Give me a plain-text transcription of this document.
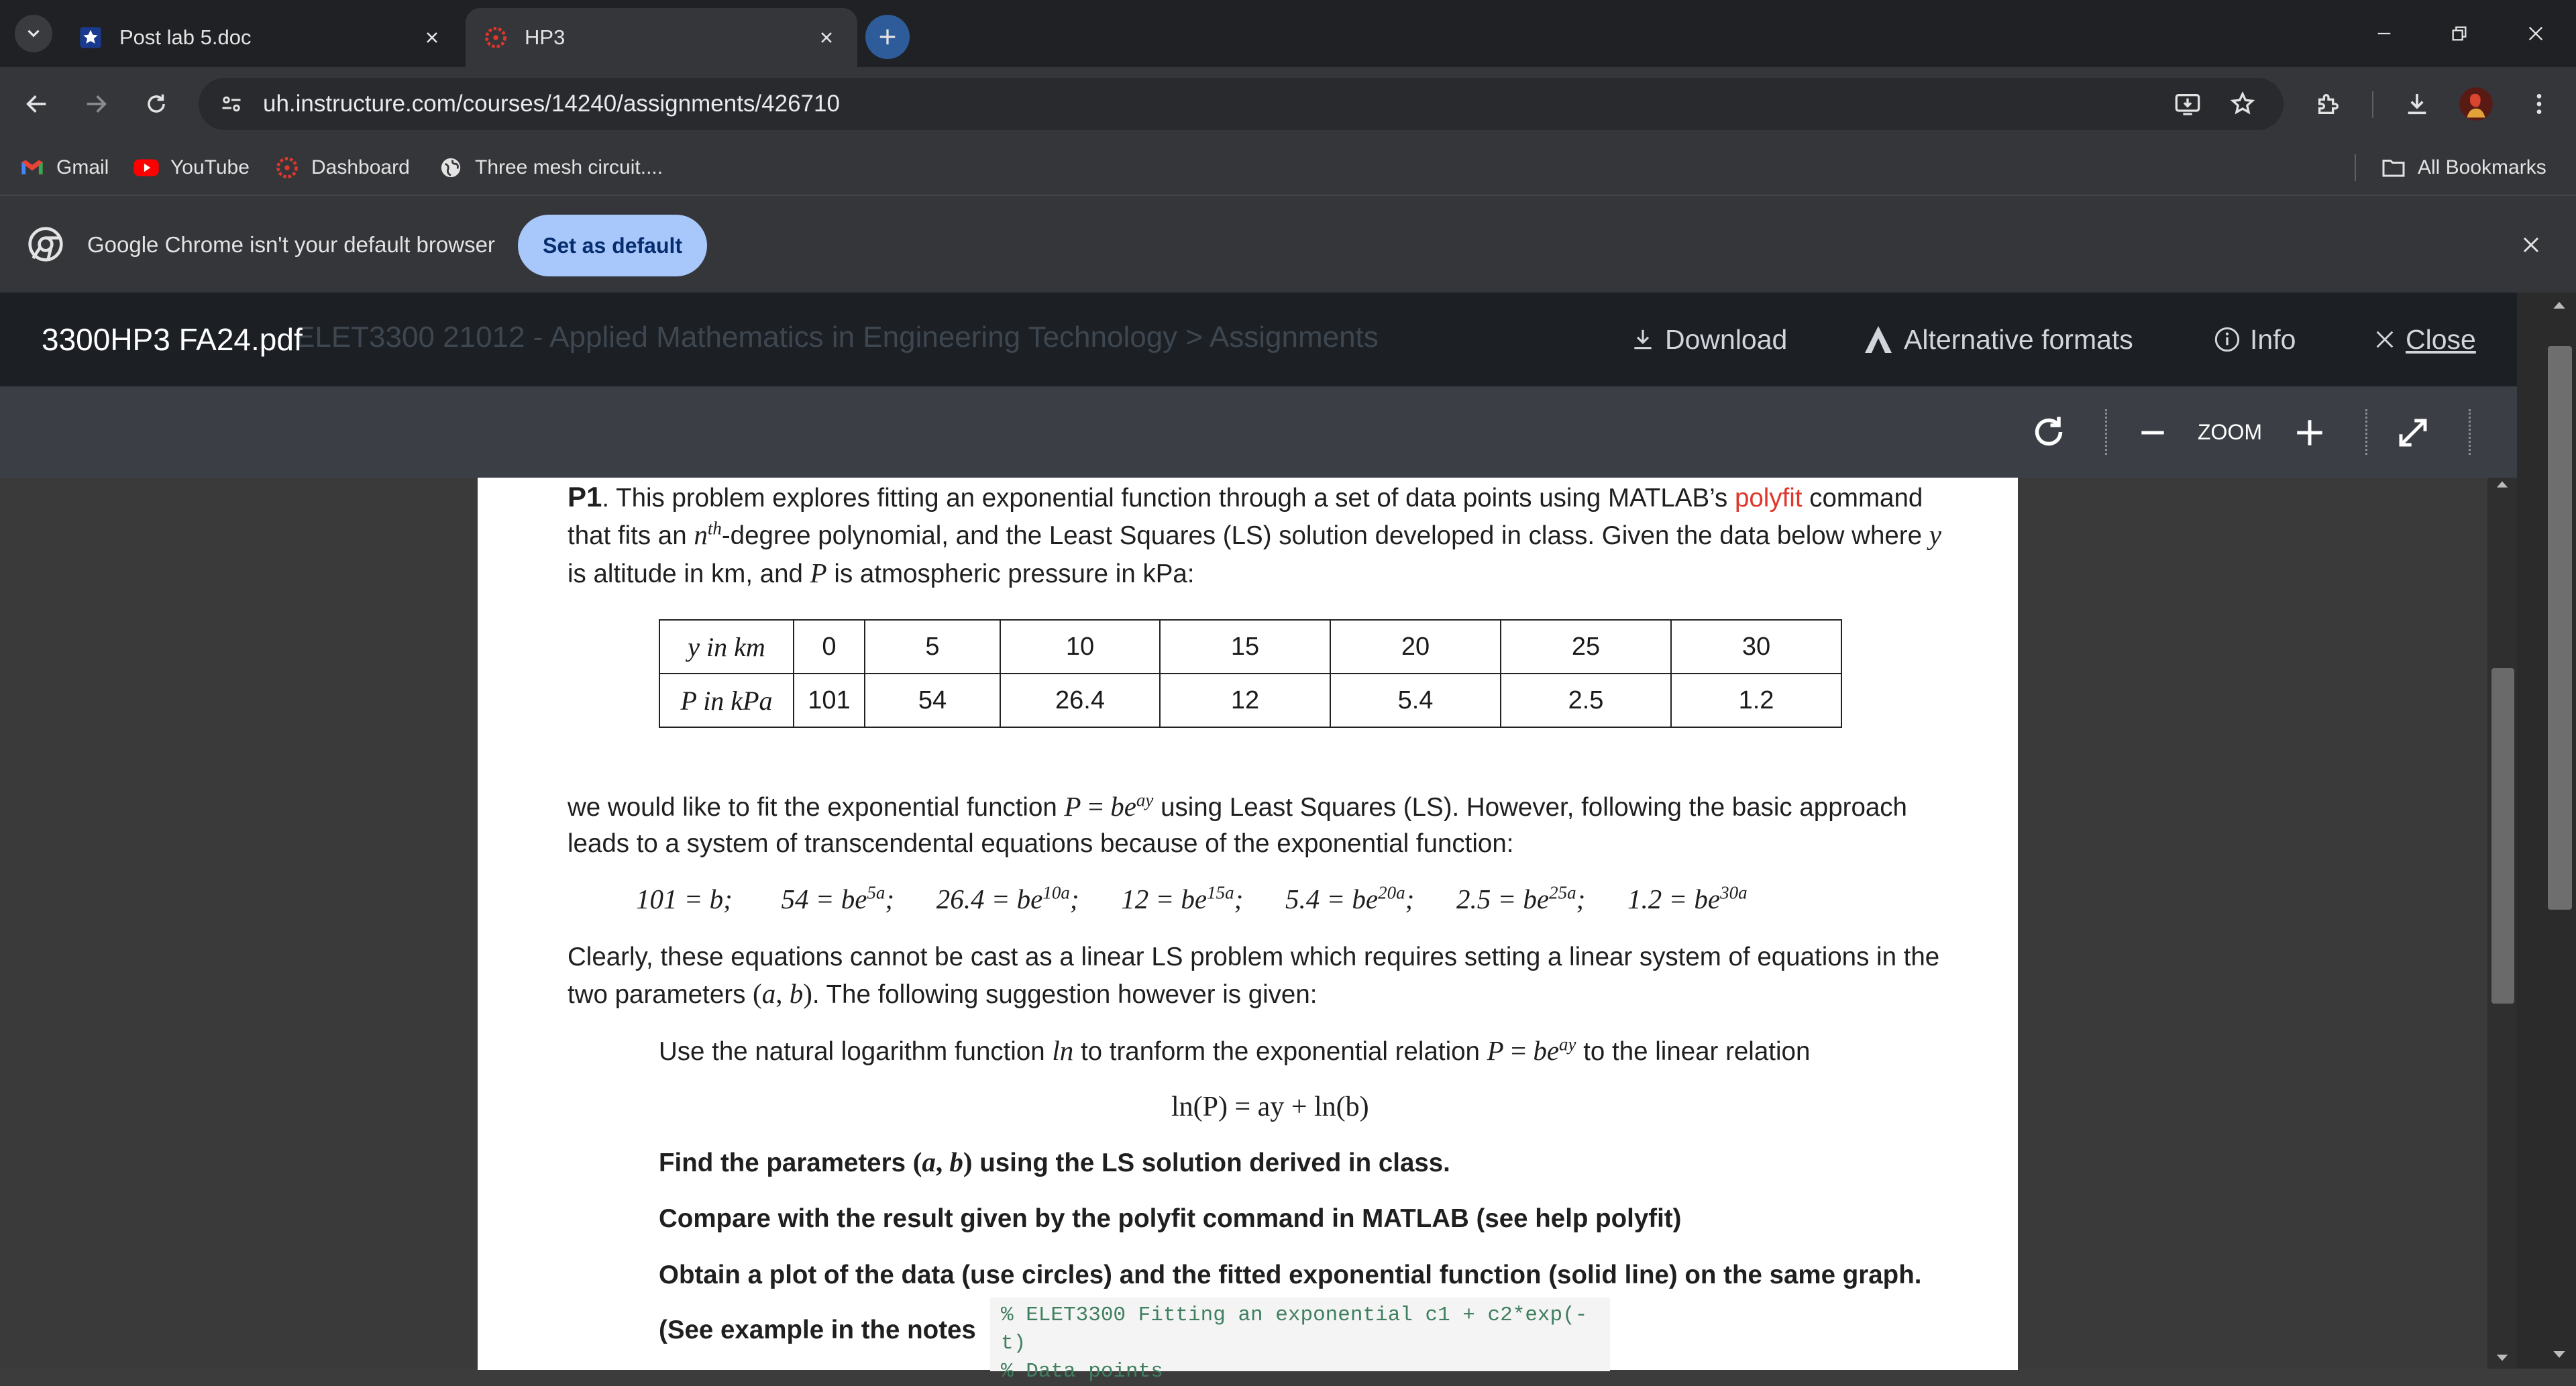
Post lab 5.doc	HP3
uh.instructure.com/courses/14240/assignments/426710
Gmail	YouTube	Dashboard	Three mesh circuit....	All Bookmarks
Google Chrome isn't your default browser	Set as default
ELET3300 21012 - Applied Mathematics in Engineering Technology > Assignments
3300HP3 FA24.pdf	Download	Alternative formats	Info	Close
ZOOM
P1. This problem explores fitting an exponential function through a set of data points using MATLAB’s polyfit command
that fits an $n^{th}$-degree polynomial, and the Least Squares (LS) solution developed in class. Given the data below where y
is altitude in km, and P is atmospheric pressure in kPa:
y in km	0	5	10	15	20	25	30
P in kPa	101	54	26.4	12	5.4	2.5	1.2
we would like to fit the exponential function $P = be^{ay}$ using Least Squares (LS). However, following the basic approach
leads to a system of transcendental equations because of the exponential function:
101 = b; $54 = be^{5a}$; $26.4 = be^{10a}$; $12 = be^{15a}$; $5.4 = be^{20a}$; $2.5 = be^{25a}$; $1.2 = be^{30a}$
Clearly, these equations cannot be cast as a linear LS problem which requires setting a linear system of equations in the
two parameters (a, b). The following suggestion however is given:
Use the natural logarithm function ln to tranform the exponential relation $P = be^{ay}$ to the linear relation
ln(P) = ay + ln(b)
Find the parameters (a, b) using the LS solution derived in class.
Compare with the result given by the polyfit command in MATLAB (see help polyfit)
Obtain a plot of the data (use circles) and the fitted exponential function (solid line) on the same graph.
(See example in the notes
% ELET3300 Fitting an exponential c1 + c2*exp(-t)
% Data points
